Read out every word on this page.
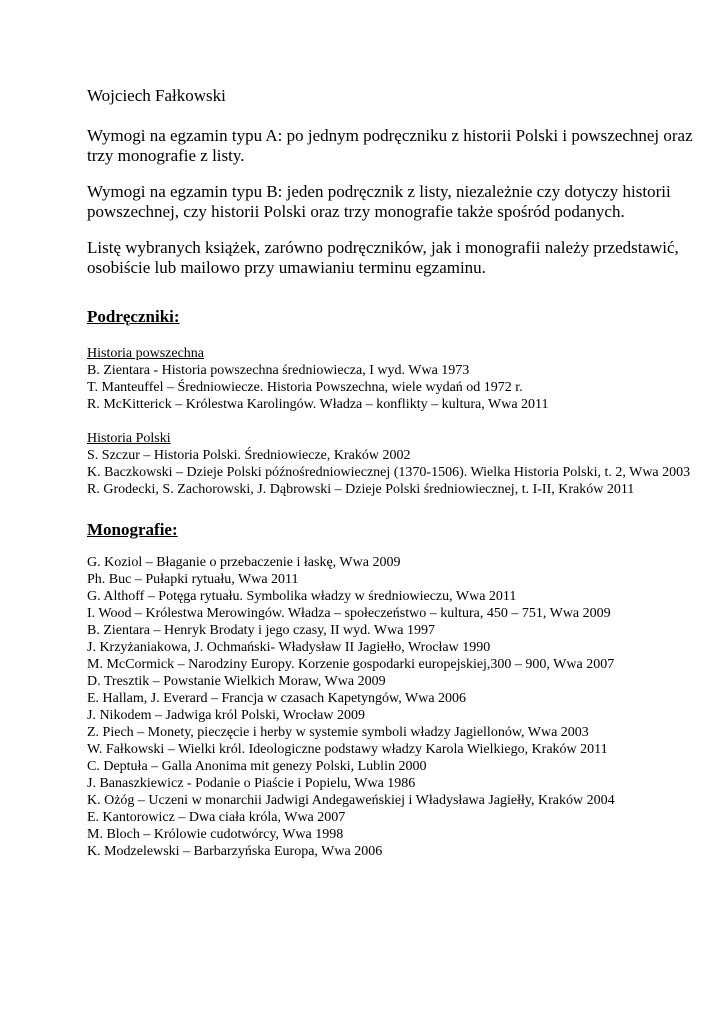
Wojciech Fałkowski

Wymogi na egzamin typu A: po jednym podręczniku z historii Polski i powszechnej oraz trzy monografie z listy.

Wymogi na egzamin typu B: jeden podręcznik z listy, niezależnie czy dotyczy historii powszechnej, czy historii Polski oraz trzy monografie także spośród podanych.

Listę wybranych książek, zarówno podręczników, jak i monografii należy przedstawić, osobiście lub mailowo przy umawianiu terminu egzaminu.

Podręczniki:

Historia powszechna

B. Zientara - Historia powszechna średniowiecza, I wyd. Wwa 1973

T. Manteuffel – Średniowiecze. Historia Powszechna, wiele wydań od 1972 r.

R. McKitterick – Królestwa Karolingów. Władza – konflikty – kultura, Wwa 2011

Historia Polski

S. Szczur – Historia Polski. Średniowiecze, Kraków 2002

K. Baczkowski – Dzieje Polski późnośredniowiecznej (1370-1506). Wielka Historia Polski, t. 2, Wwa 2003

R. Grodecki, S. Zachorowski, J. Dąbrowski – Dzieje Polski średniowiecznej, t. I-II, Kraków 2011

Monografie:

G. Koziol – Błaganie o przebaczenie i łaskę, Wwa 2009

Ph. Buc – Pułapki rytuału, Wwa 2011

G. Althoff – Potęga rytuału. Symbolika władzy w średniowieczu, Wwa 2011

I. Wood – Królestwa Merowingów. Władza – społeczeństwo – kultura, 450 – 751, Wwa 2009

B. Zientara – Henryk Brodaty i jego czasy, II wyd. Wwa 1997

J. Krzyżaniakowa, J. Ochmański- Władysław II Jagiełło, Wrocław 1990

M. McCormick – Narodziny Europy. Korzenie gospodarki europejskiej,300 – 900, Wwa 2007

D. Tresztik – Powstanie Wielkich Moraw, Wwa 2009

E. Hallam, J. Everard – Francja w czasach Kapetyngów, Wwa 2006

J. Nikodem – Jadwiga król Polski, Wrocław 2009

Z. Piech – Monety, pieczęcie i herby w systemie symboli władzy Jagiellonów, Wwa 2003

W. Fałkowski – Wielki król. Ideologiczne podstawy władzy Karola Wielkiego, Kraków 2011

C. Deptuła – Galla Anonima mit genezy Polski, Lublin 2000

J. Banaszkiewicz - Podanie o Piaście i Popielu, Wwa 1986

K. Ożóg – Uczeni w monarchii Jadwigi Andegaweńskiej i Władysława Jagiełły, Kraków 2004

E. Kantorowicz – Dwa ciała króla, Wwa 2007

M. Bloch – Królowie cudotwórcy, Wwa 1998

K. Modzelewski – Barbarzyńska Europa, Wwa 2006
